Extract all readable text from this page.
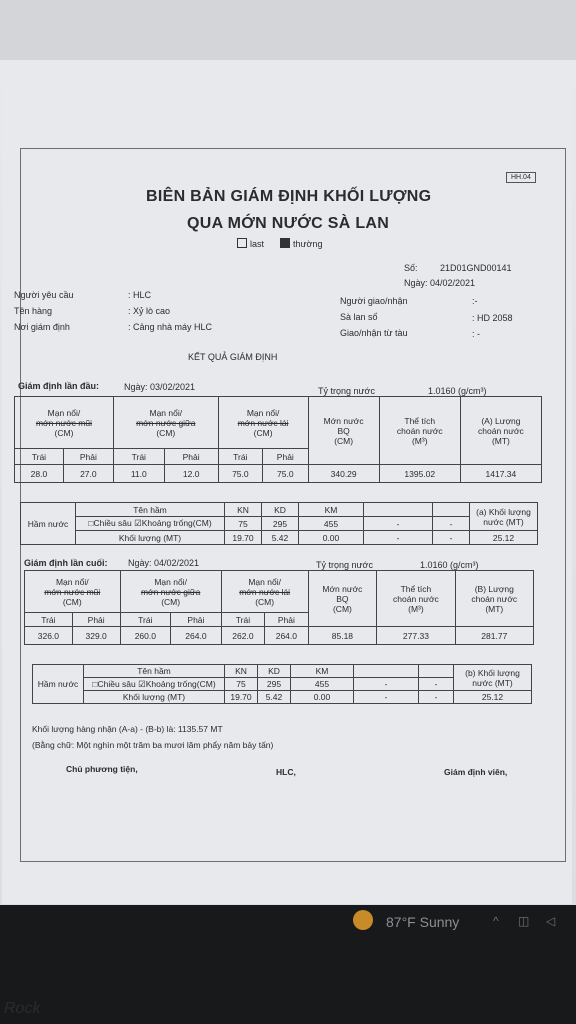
HH.04
BIÊN BẢN GIÁM ĐỊNH KHỐI LƯỢNG
QUA MỚN NƯỚC SÀ LAN
last	thường
Số: 21D01GND00141
Ngày: 04/02/2021
Người yêu cầu	: HLC
Tên hàng	: Xỷ lò cao
Nơi giám định	: Cảng nhà máy HLC
Người giao/nhận	:-
Sà lan số	: HD 2058
Giao/nhận từ tàu	: -
KẾT QUẢ GIÁM ĐỊNH
Giám định lần đầu:	Ngày: 03/02/2021	Tỷ trọng nước	1.0160 (g/cm³)
Mạn nổi/
mớn nước mũi
(CM)		Mạn nổi/
mớn nước giữa
(CM)		Mạn nổi/
mớn nước lái
(CM)		Mớn nước
BQ
(CM)	Thể tích
choán nước
(M³)	(A) Lượng
choán nước
(MT)
Trái	Phải	Trái	Phải	Trái	Phải			
28.0	27.0	11.0	12.0	75.0	75.0	340.29	1395.02	1417.34
Hầm nước	Tên hầm	KN	KD	KM			(a) Khối lượng
nước (MT)
	□Chiều sâu ☑Khoảng trống(CM)	75	295	455	-	-	
	Khối lượng (MT)	19.70	5.42	0.00	-	-	25.12
Giám định lần cuối: Ngày: 04/02/2021	Tỷ trọng nước	1.0160 (g/cm³)
Mạn nổi/
mớn nước mũi
(CM)		Mạn nổi/
mớn nước giữa
(CM)		Mạn nổi/
mớn nước lái
(CM)		Mớn nước
BQ
(CM)	Thể tích
choán nước
(M³)	(B) Lượng
choán nước
(MT)
Trái	Phải	Trái	Phải	Trái	Phải			
326.0	329.0	260.0	264.0	262.0	264.0	85.18	277.33	281.77
Hầm nước	Tên hầm	KN	KD	KM			(b) Khối lượng
nước (MT)
	□Chiều sâu ☑Khoảng trống(CM)	75	295	455	-	-	
	Khối lượng (MT)	19.70	5.42	0.00	-	-	25.12
Khối lượng hàng nhận (A-a) - (B-b) là: 1135.57 MT
(Bằng chữ: Một nghìn một trăm ba mươi lăm phẩy năm bảy tấn)
Chủ phương tiện,	HLC,	Giám định viên,
87°F Sunny	^ ◫ ◁
Rock
